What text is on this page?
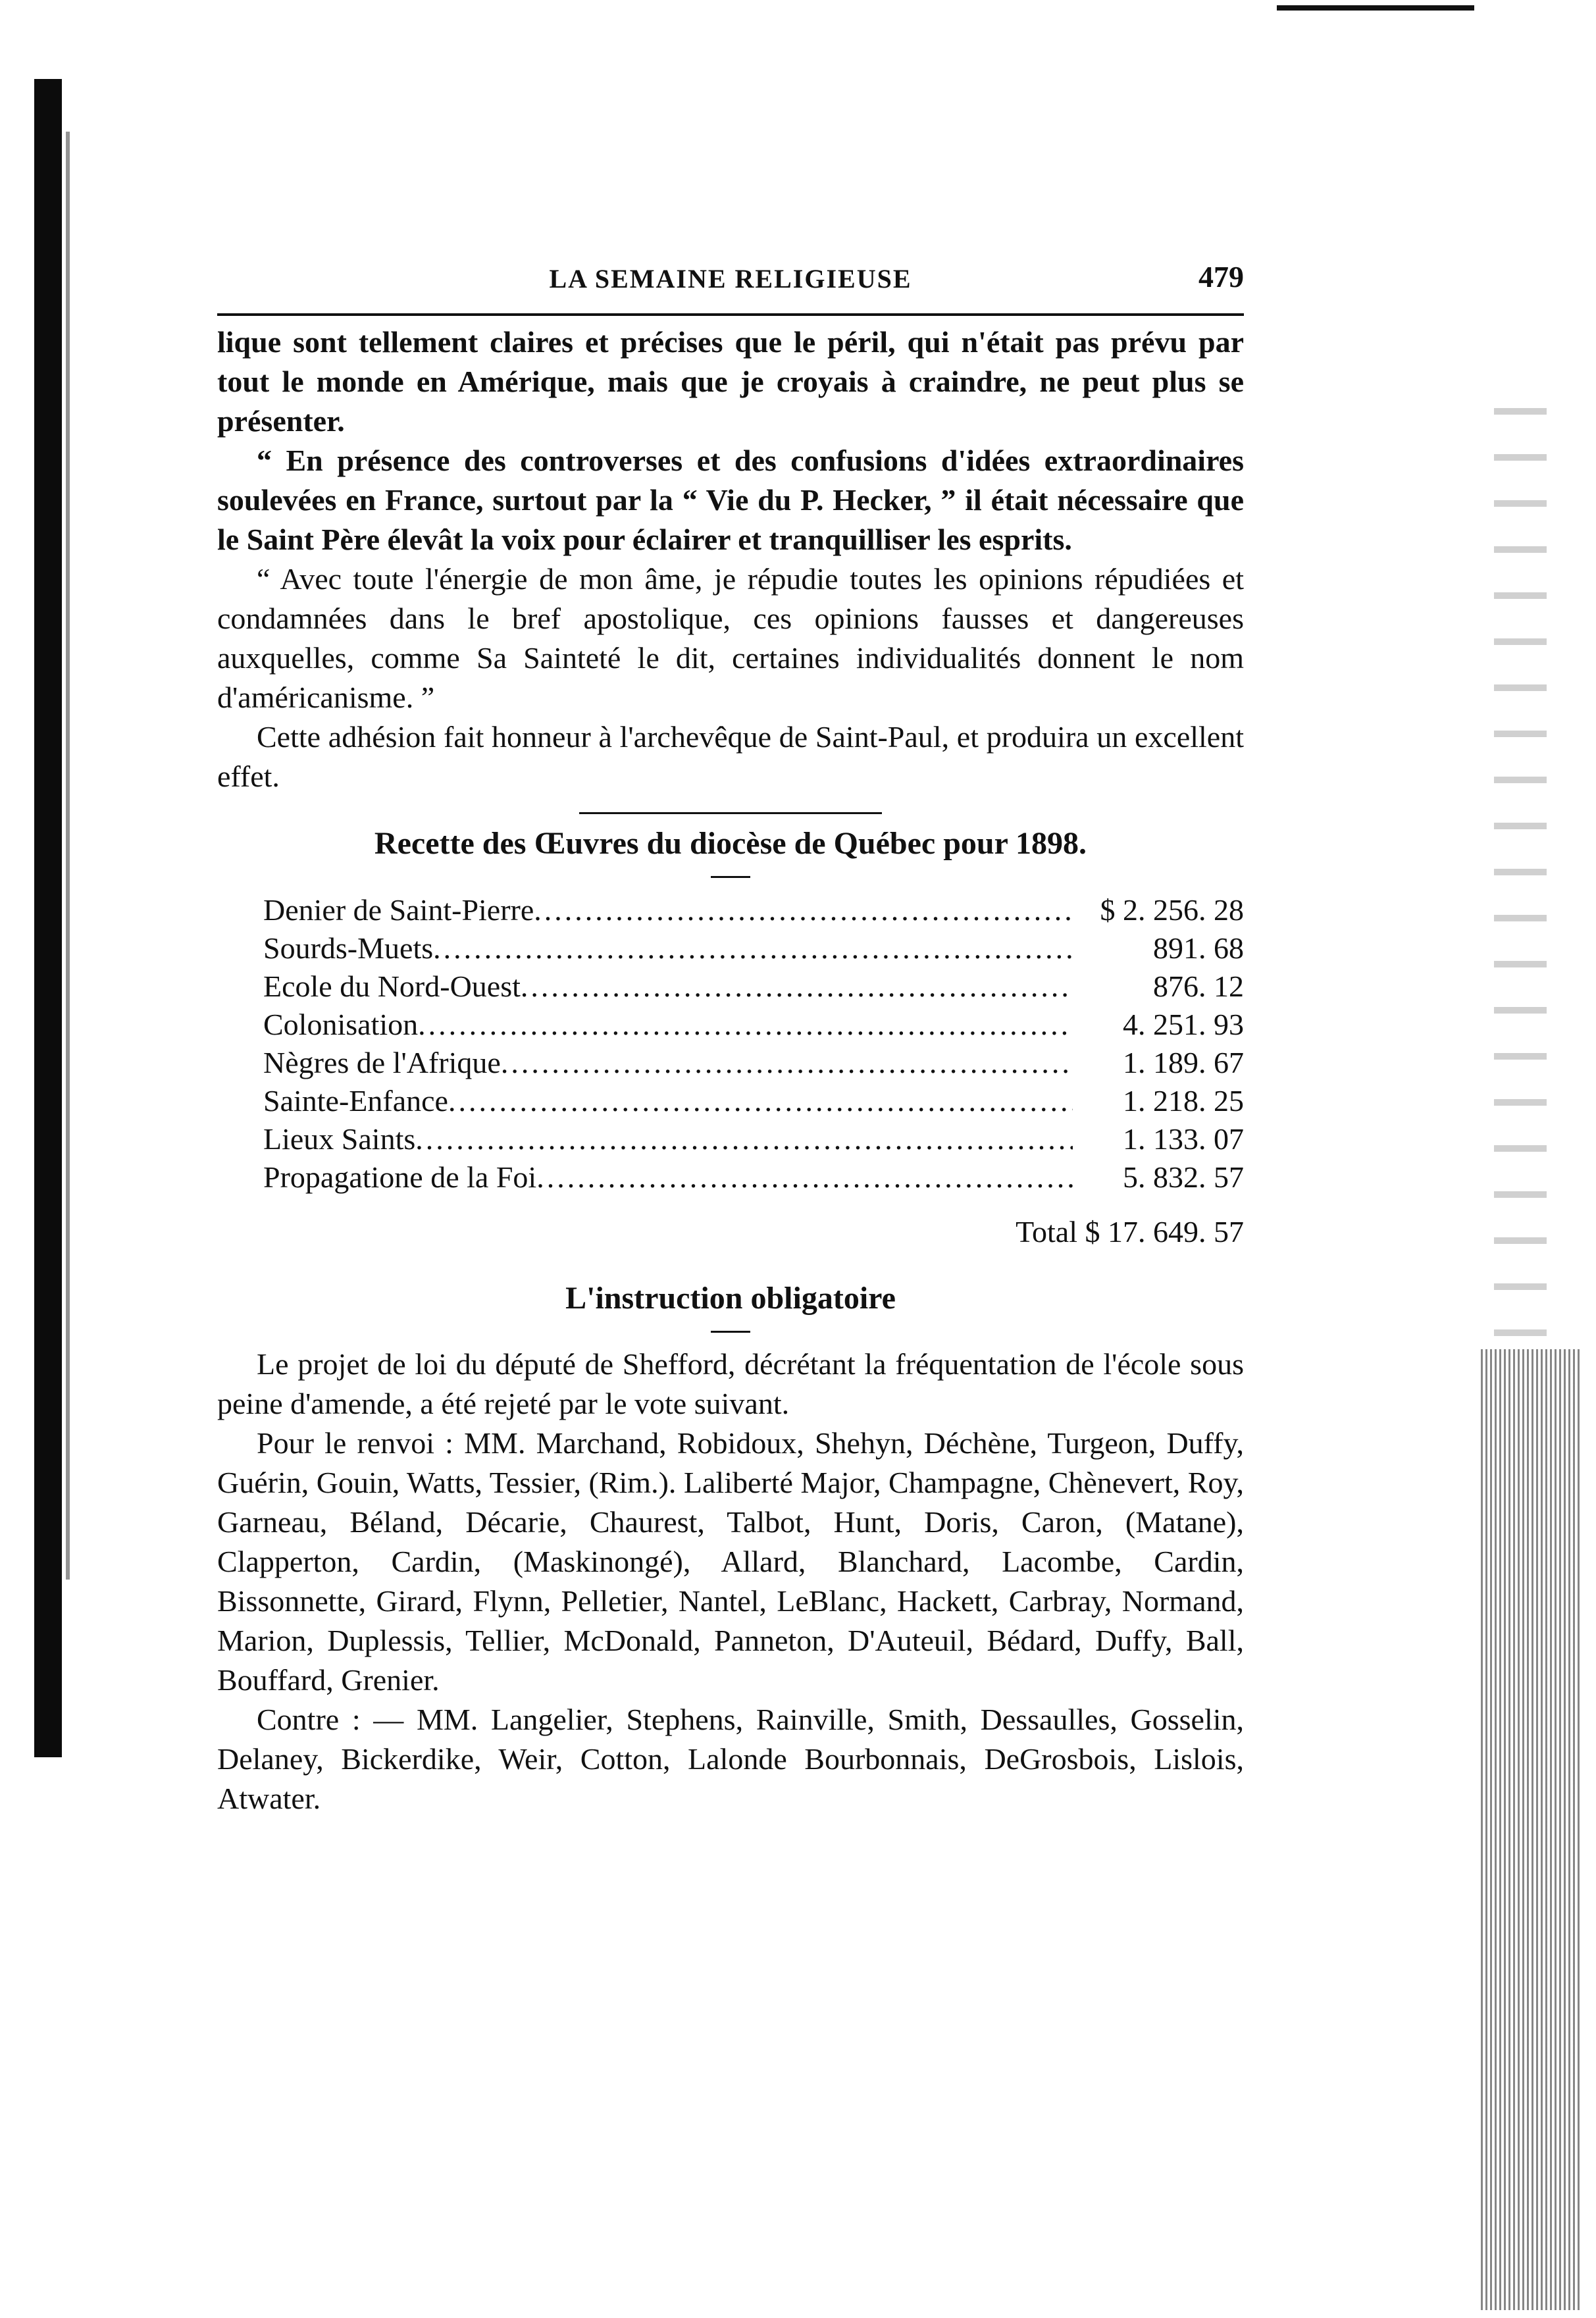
LA SEMAINE RELIGIEUSE	479

lique sont tellement claires et précises que le péril, qui n'était pas prévu par tout le monde en Amérique, mais que je croyais à craindre, ne peut plus se présenter.

“ En présence des controverses et des confusions d'idées extraordinaires soulevées en France, surtout par la “ Vie du P. Hecker, ” il était nécessaire que le Saint Père élevât la voix pour éclairer et tranquilliser les esprits.

“ Avec toute l'énergie de mon âme, je répudie toutes les opinions répudiées et condamnées dans le bref apostolique, ces opinions fausses et dangereuses auxquelles, comme Sa Sainteté le dit, certaines individualités donnent le nom d'américanisme. ”

Cette adhésion fait honneur à l'archevêque de Saint-Paul, et produira un excellent effet.

Recette des Œuvres du diocèse de Québec pour 1898.

Denier de Saint-Pierre .....	$ 2. 256. 28
Sourds-Muets .....	891. 68
Ecole du Nord-Ouest .....	876. 12
Colonisation .....	4. 251. 93
Nègres de l'Afrique .....	1. 189. 67
Sainte-Enfance .....	1. 218. 25
Lieux Saints .....	1. 133. 07
Propagatione de la Foi .....	5. 832. 57
Total $ 17. 649. 57

L'instruction obligatoire

Le projet de loi du député de Shefford, décrétant la fréquentation de l'école sous peine d'amende, a été rejeté par le vote suivant.

Pour le renvoi : MM. Marchand, Robidoux, Shehyn, Déchène, Turgeon, Duffy, Guérin, Gouin, Watts, Tessier, (Rim.). Laliberté Major, Champagne, Chènevert, Roy, Garneau, Béland, Décarie, Chaurest, Talbot, Hunt, Doris, Caron, (Matane), Clapperton, Cardin, (Maskinongé), Allard, Blanchard, Lacombe, Cardin, Bissonnette, Girard, Flynn, Pelletier, Nantel, LeBlanc, Hackett, Carbray, Normand, Marion, Duplessis, Tellier, McDonald, Panneton, D'Auteuil, Bédard, Duffy, Ball, Bouffard, Grenier.

Contre : — MM. Langelier, Stephens, Rainville, Smith, Dessaulles, Gosselin, Delaney, Bickerdike, Weir, Cotton, Lalonde Bourbonnais, DeGrosbois, Lislois, Atwater.
